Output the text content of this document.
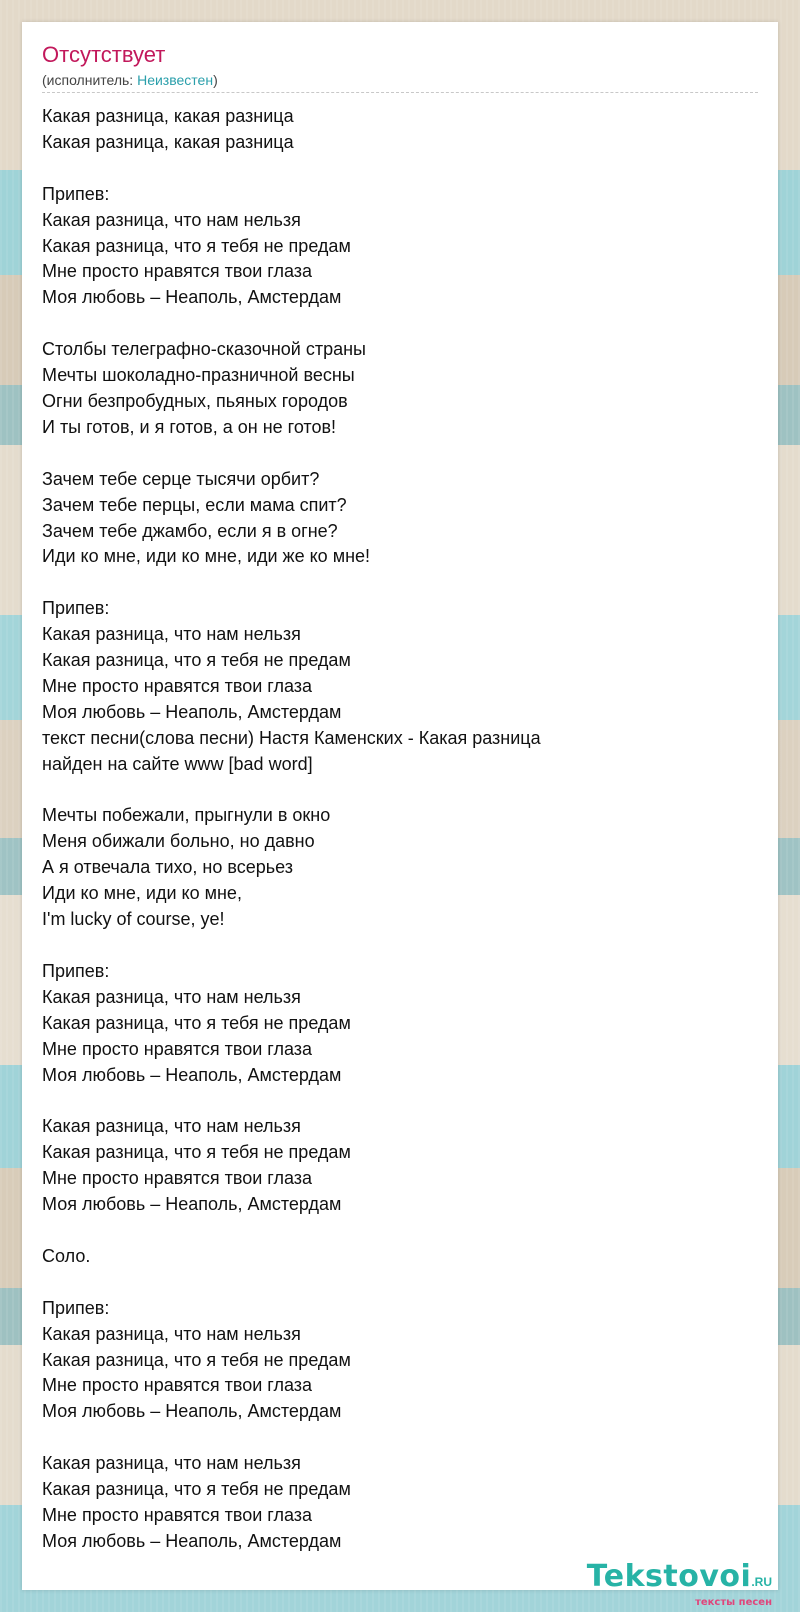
Отсутствует
(исполнитель: Неизвестен)
Какая разница, какая разница
Какая разница, какая разница

Припев:
Какая разница, что нам нельзя
Какая разница, что я тебя не предам
Мне просто нравятся твои глаза
Моя любовь – Неаполь, Амстердам

Столбы телеграфно-сказочной страны
Мечты шоколадно-празничной весны
Огни безпробудных, пьяных городов
И ты готов, и я готов, а он не готов!

Зачем тебе серце тысячи орбит?
Зачем тебе перцы, если мама спит?
Зачем тебе джамбо, если я в огне?
Иди ко мне, иди ко мне, иди же ко мне!

Припев:
Какая разница, что нам нельзя
Какая разница, что я тебя не предам
Мне просто нравятся твои глаза
Моя любовь – Неаполь, Амстердам
текст песни(слова песни) Настя Каменских - Какая разница
найден на сайте www [bad word]

Мечты побежали, прыгнули в окно
Меня обижали больно, но давно
А я отвечала тихо, но всерьез
Иди ко мне, иди ко мне,
I'm lucky of course, ye!

Припев:
Какая разница, что нам нельзя
Какая разница, что я тебя не предам
Мне просто нравятся твои глаза
Моя любовь – Неаполь, Амстердам

Какая разница, что нам нельзя
Какая разница, что я тебя не предам
Мне просто нравятся твои глаза
Моя любовь – Неаполь, Амстердам

Соло.

Припев:
Какая разница, что нам нельзя
Какая разница, что я тебя не предам
Мне просто нравятся твои глаза
Моя любовь – Неаполь, Амстердам

Какая разница, что нам нельзя
Какая разница, что я тебя не предам
Мне просто нравятся твои глаза
Моя любовь – Неаполь, Амстердам
Tekstovoi.RU
тексты песен
